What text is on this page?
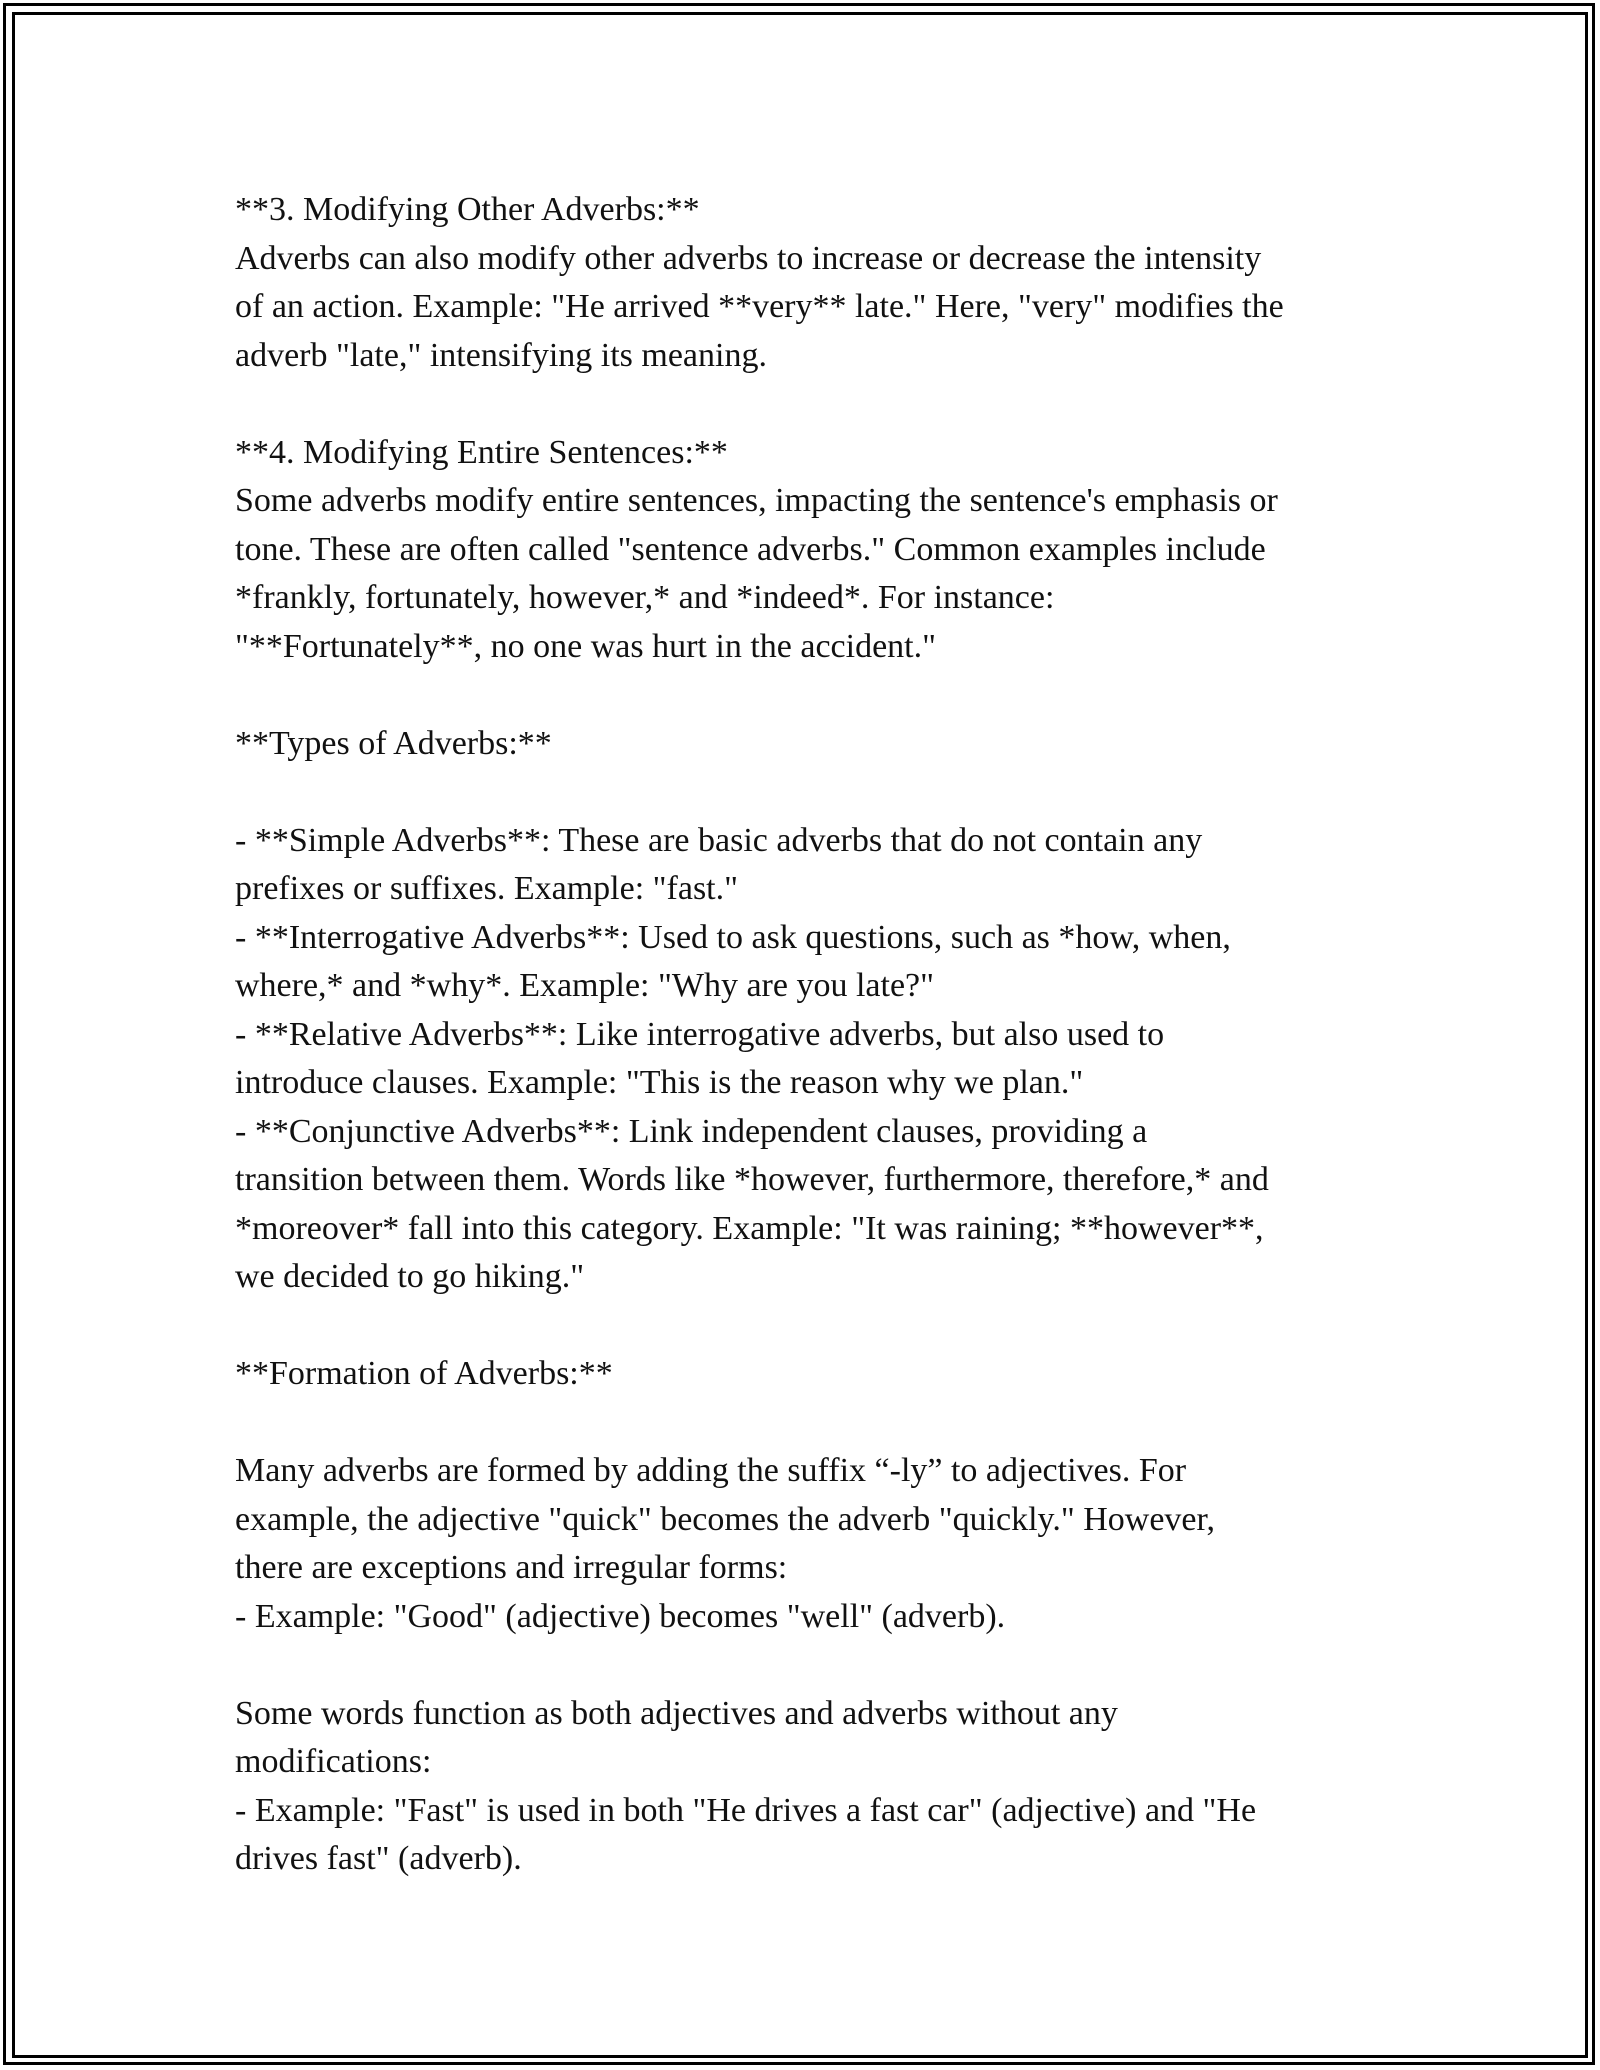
**3. Modifying Other Adverbs:**
Adverbs can also modify other adverbs to increase or decrease the intensity
of an action. Example: "He arrived **very** late." Here, "very" modifies the
adverb "late," intensifying its meaning.
**4. Modifying Entire Sentences:**
Some adverbs modify entire sentences, impacting the sentence's emphasis or
tone. These are often called "sentence adverbs." Common examples include
*frankly, fortunately, however,* and *indeed*. For instance:
"**Fortunately**, no one was hurt in the accident."
**Types of Adverbs:**
- **Simple Adverbs**: These are basic adverbs that do not contain any
prefixes or suffixes. Example: "fast."
- **Interrogative Adverbs**: Used to ask questions, such as *how, when,
where,* and *why*. Example: "Why are you late?"
- **Relative Adverbs**: Like interrogative adverbs, but also used to
introduce clauses. Example: "This is the reason why we plan."
- **Conjunctive Adverbs**: Link independent clauses, providing a
transition between them. Words like *however, furthermore, therefore,* and
*moreover* fall into this category. Example: "It was raining; **however**,
we decided to go hiking."
**Formation of Adverbs:**
Many adverbs are formed by adding the suffix “-ly” to adjectives. For
example, the adjective "quick" becomes the adverb "quickly." However,
there are exceptions and irregular forms:
- Example: "Good" (adjective) becomes "well" (adverb).
Some words function as both adjectives and adverbs without any
modifications:
- Example: "Fast" is used in both "He drives a fast car" (adjective) and "He
drives fast" (adverb).
